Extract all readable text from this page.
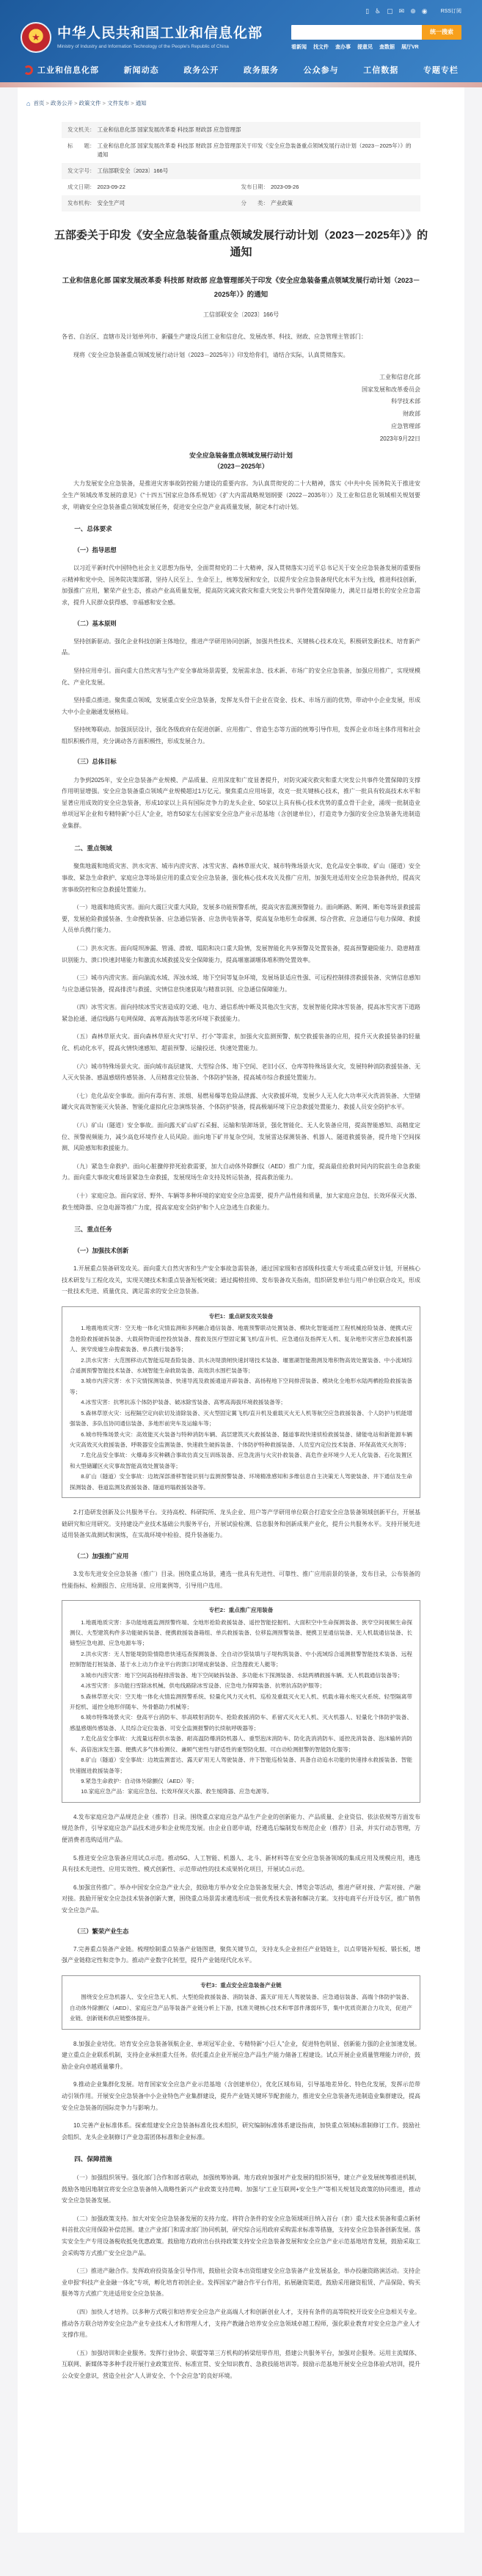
▯ ♿ ▢ ✉ ⊕ ◉	RSS订阅
★	中华人民共和国工业和信息化部
Ministry of Industry and Information Technology of the People's Republic of China
统一搜索
看新闻 找文件 查办事 提意见 查数据 展厅VR
工业和信息化部	新闻动态	政务公开	政务服务	公众参与	工信数据	专题专栏
⌂ 首页 > 政务公开 > 政策文件 > 文件发布 > 通知
发文机关： 工业和信息化部 国家发展改革委 科技部 财政部 应急管理部
标　　题： 工业和信息化部 国家发展改革委 科技部 财政部 应急管理部关于印发《安全应急装备重点领域发展行动计划（2023－2025年）》的通知
发文字号： 工信部联安全〔2023〕166号
成文日期： 2023-09-22	发布日期： 2023-09-26
发布机构： 安全生产司	分　　类： 产业政策
五部委关于印发《安全应急装备重点领域发展行动计划（2023－2025年）》的通知

工业和信息化部 国家发展改革委 科技部 财政部 应急管理部关于印发《安全应急装备重点领域发展行动计划（2023－2025年）》的通知

工信部联安全〔2023〕166号

各省、自治区、直辖市及计划单列市、新疆生产建设兵团工业和信息化、发展改革、科技、财政、应急管理主管部门：

现将《安全应急装备重点领域发展行动计划（2023－2025年）》印发给你们，请结合实际，认真贯彻落实。

工业和信息化部
国家发展和改革委员会
科学技术部
财政部
应急管理部
2023年9月22日

安全应急装备重点领域发展行动计划

（2023－2025年）

大力发展安全应急装备，是推进灾害事故防控能力建设的重要内容。为认真贯彻党的二十大精神，落实《中共中央 国务院关于推进安全生产领域改革发展的意见》《“十四五”国家应急体系规划》《扩大内需战略规划纲要（2022－2035年）》及工业和信息化领域相关规划要求，明确安全应急装备重点领域发展任务，促进安全应急产业高质量发展，制定本行动计划。

一、总体要求
（一）指导思想

以习近平新时代中国特色社会主义思想为指导，全面贯彻党的二十大精神，深入贯彻落实习近平总书记关于安全应急装备发展的重要指示精神和党中央、国务院决策部署，坚持人民至上、生命至上，统筹发展和安全，以提升安全应急装备现代化水平为主线，推进科技创新，加强推广应用，繁荣产业生态，推动产业高质量发展，提高防灾减灾救灾和重大突发公共事件处置保障能力，满足日益增长的安全应急需求，提升人民群众获得感、幸福感和安全感。

（二）基本原则

坚持创新驱动。强化企业科技创新主体地位，推进产学研用协同创新，加强共性技术、关键核心技术攻关，积极研发新技术、培育新产品。

坚持应用牵引。面向重大自然灾害与生产安全事故场景需要，发展需求急、技术新、市场广的安全应急装备，加强应用推广，实现规模化、产业化发展。

坚持重点推进。聚焦重点领域，发展重点安全应急装备，发挥龙头骨干企业在资金、技术、市场方面的优势，带动中小企业发展，形成大中小企业融通发展格局。

坚持统筹联动。加强顶层设计，强化各级政府在促进创新、应用推广、营造生态等方面的统筹引导作用，发挥企业市场主体作用和社会组织积极作用，充分调动各方面积极性，形成发展合力。

（三）总体目标

力争到2025年，安全应急装备产业规模、产品质量、应用深度和广度显著提升，对防灾减灾救灾和重大突发公共事件处置保障的支撑作用明显增强。安全应急装备重点领域产业规模超过1万亿元。聚焦重点应用场景，攻克一批关键核心技术，推广一批具有较高技术水平和显著应用成效的安全应急装备，形成10家以上具有国际竞争力的龙头企业、50家以上具有核心技术优势的重点骨干企业，涌现一批制造业单项冠军企业和专精特新“小巨人”企业，培育50家左右国家安全应急产业示范基地（含创建单位），打造竞争力强的安全应急装备先进制造业集群。

二、重点领域

聚焦地震和地质灾害、洪水灾害、城市内涝灾害、冰雪灾害、森林草原火灾、城市特殊场景火灾、危化品安全事故、矿山（隧道）安全事故、紧急生命救护、家庭应急等场景应用的重点安全应急装备，强化核心技术攻关及推广应用，加强先进适用安全应急装备供给，提高灾害事故防控和应急救援处置能力。

（一）地震和地质灾害。面向大震巨灾重大风险，发展多功能预警系统，提高灾害监测预警能力。面向断路、断网、断电等场景救援需要，发展抢险救援装备、生命搜救装备、应急通信装备、应急供电装备等，提高复杂地形生命探测、综合营救、应急通信与电力保障、救援人员单兵携行能力。

（二）洪水灾害。面向堤坝渗漏、管涌、滑坡、塌陷和决口重大险情，发展智能化共享预警及处置装备，提高预警避险能力、隐患精准识别能力、溃口快速封堵能力和激流水域救援及安全保障能力，提高堰塞湖堰体堆积物处置效率。

（三）城市内涝灾害。面向湍流水域、浑浊水域、地下空间等复杂环境，发展场景适应性强、可远程控制排涝救援装备、灾情信息感知与应急通信装备，提高排涝与救援、灾情信息快速获取与精准识别、应急通信保障能力。

（四）冰雪灾害。面向持续冰雪灾害造成的交通、电力、通信系统中断及其他次生灾害，发展智能化除冰雪装备，提高冰雪灾害下道路紧急抢通、通信线路与电网保障、高寒高海拔等恶劣环境下救援能力。

（五）森林草原火灾。面向森林草原火灾“打早、打小”等需求，加强火灾监测预警、航空救援装备的应用，提升灭火救援装备的轻量化、机动化水平，提高火情快速感知、超前预警、运输投送、快速处置能力。

（六）城市特殊场景火灾。面向城市高层建筑、大型综合体、地下空间、老旧小区、仓库等特殊场景火灾，发展特种消防救援装备、无人灭火装备、感温感烟传感装备、人员精准定位装备、个体防护装备，提高城市综合救援处置能力。

（七）危化品安全事故。面向有毒有害、浓烟、易燃易爆等危险品泄露、火灾救援环境，发展少人无人化大功率灭火洗消装备、大型储罐火灾高效智能灭火装备、智能化虚拟化应急演练装备、个体防护装备，提高极端环境下应急救援处置能力、救援人员安全防护水平。

（八）矿山（隧道）安全事故。面向露天矿山矿石采掘、运输和装卸场景，强化智能化、无人化装备应用，提高智能感知、高精度定位、预警视频能力，减少高危环境作业人员风险。面向地下矿井复杂空间，发展雷达探测装备、机器人、隧道救援装备，提升地下空间探测、风险感知和救援能力。

（九）紧急生命救护。面向心脏骤停猝死抢救需要，加大自动体外除颤仪（AED）推广力度，提高最佳抢救时间内的院前生命急救能力。面向重大事故灾难场景紧急生命救援，发展现场生命支持及转运装备，提高救治能力。

（十）家庭应急。面向家居、野外、车辆等多种环境的家庭安全应急需要，提升产品性能和质量，加大家庭应急包、长效环保灭火器、救生缓降器、应急电源等推广力度，提高家庭安全防护和个人应急逃生自救能力。

三、重点任务
（一）加强技术创新

1.开展重点装备研发攻关。面向重大自然灾害和生产安全事故急需装备，通过国家级和省部级科技重大专项或重点研发计划，开展核心技术研发与工程化攻关，实现关键技术和重点装备短板突破；通过揭榜挂帅、发布装备攻关指南，组织研发单位与用户单位联合攻关，形成一批技术先进、质量优良、满足需求的安全应急装备。

专栏1：重点研发攻关装备
1.地震地质灾害：空天地一体化灾情监测和多网融合通信装备、地震预警联动处置装备、模块化智能遥控工程机械抢险装备、便携式应急抢险救援破拆装备、大载荷物资遥控投放装备、搜救及医疗型固定翼飞机/直升机、应急通信及指挥无人机、复杂地形灾害应急救援机器人、狭窄废墟生命搜索装备、单兵携行装备等；
2.洪水灾害：大范围移动式智能巡堤查险装备、洪水决堤溃闸快速封堵技术装备、堰塞湖智能勘测及堆积物高效处置装备、中小流域综合遥测预警智能技术装备、水域智能生命救助装备、高效洪水围栏装备等；
3.城市内涝灾害：水下灾情探测装备、快速导流及救援通道开辟装备、高扬程地下空间排涝装备、模块化全地形水陆两栖抢险救援装备等；
4.冰雪灾害：抗寒抗冻个体防护装备、破冰除雪装备、高寒高海拔环境救援装备等；
5.森林草原火灾：远程隔空定向砍切及清除装备、灭火型固定翼飞机/直升机及重载灭火无人机等航空应急救援装备、个人防护与机能增强装备、多队伍协同通信装备、多地形前突车及运输车等；
6.城市特殊场景火灾：高效能灭火装备与特种消防车辆、高层建筑灭火救援装备、隧道事故快速侦检救援装备、储能电站和新能源车辆火灾高效灭火救援装备、呼吸器安全监测装备、快速救生破拆装备、个体防护特种救援装备、人员室内定位技术装备、环保高效灭火剂等；
7.危化品安全事故：火爆毒多灾种耦合事故仿真交互训练装备、应急洗消与火灾扑救装备、高危作业环境少人无人化装备、石化装置区和大型储罐区火灾事故智能高效处置装备等；
8.矿山（隧道）安全事故：边坡深部滑移智能识别与监测预警装备、环境精准感知和多维信息自主决策无人驾驶装备、井下通信及生命探测装备、巷道监测及救援装备、隧道坍塌救援装备等。

2.打造研发创新及公共服务平台。支持高校、科研院所、龙头企业、用户等产学研用单位联合打造安全应急装备领域创新平台，开展基础研究和应用研究。支持建设产业技术基础公共服务平台，开展试验检测、信息服务和创新成果产业化，提升公共服务水平。支持开展先进适用装备实战测试和演练，在实战环境中检验、提升装备能力。

（二）加强推广应用

3.发布先进安全应急装备（推广）目录。围绕重点场景，遴选一批具有先进性、可靠性、推广应用前景的装备，发布目录，公布装备的性能指标、检测报告、应用场景、应用案例等，引导用户选用。

专栏2：重点推广应用装备
1.地震地质灾害：多功能地震监测预警终端、全地形抢险救援装备、遥控智能挖掘机、大面积空中生命探测装备、狭窄空间视频生命探测仪、大型建筑构件多功能破拆装备、便携救援装备箱组、单兵救援装备、位移监测预警装备、便携卫星通信装备、无人机载通信装备、长储型应急电源、应急电源车等；
2.洪水灾害：无人智能堤防险情隐患快速巡查探测装备、全自动沙袋装填与子堤构筑装备、中小流域综合遥测报警智能技术装备、远程控制智能打桩装备、基于水上动力作业平台的溃口封堵成套装备、应急搜救无人艇等；
3.城市内涝灾害：地下空间高扬程排涝装备、地下空间破拆装备、多功能水下探测装备、水陆两栖救援车辆、无人机载通信装备等；
4.冰雪灾害：多功能扫雪除冰机械、供电线路除冰雪设备、应急电力保障装备、抗寒抗冻防护服等；
5.森林草原火灾：空天地一体化火情监测预警系统、轻量化风力灭火机、巡检及重载灭火无人机、机载水箱水炮灭火系统、轻型隔离带开挖机、遥控全地形伴随车、外骨骼助力机械等；
6.城市特殊场景火灾：登高平台消防车、举高喷射消防车、抢险救援消防车、系留式灭火无人机、灭火机器人、轻量化个体防护装备、感温感烟传感装备、人员综合定位装备、可安全监测报警的长续航呼吸器等；
7.危化品安全事故：大流量远程供水装备、耐高温防爆消防机器人、重型泡沫消防车、防化洗消消防车、遥控洗消装备、泡沫输转消防车、高倍泡沫发生器、便携式多气体检测仪、兼顾气密性与舒适性的重型防化服、可自动检测报警的智能防化服等；
8.矿山（隧道）安全事故：边坡监测雷达、露天矿用无人驾驶装备、井下智能巡检装备、具备自动追水功能的快速排水救援装备、智能快速掘进救援装备等；
9.紧急生命救护：自动体外除颤仪（AED）等；
10.家庭应急产品：家庭应急包、长效环保灭火器、救生缓降器、应急电源等。

4.发布家庭应急产品规范企业（推荐）目录。围绕重点家庭应急产品生产企业的创新能力、产品质量、企业资信、依法依规等方面发布规范条件，引导家庭应急产品技术进步和企业规范发展。由企业自愿申请，经遴选后编制发布规范企业（推荐）目录，并实行动态管理，方便消费者选购适用产品。

5.推进安全应急装备应用试点示范。推动5G、人工智能、机器人、北斗、新材料等在安全应急装备领域的集成应用及规模应用，遴选具有技术先进性、应用实效性、模式创新性、示范带动性的技术成果转化项目，开展试点示范。

6.加强宣传推广。举办中国安全应急产业大会，鼓励地方举办安全应急装备发展大会、博览会等活动，推进产研对接、产需对接、产融对接。鼓励开展安全应急技术装备创新大赛，围绕重点场景需求遴选形成一批优秀技术装备和解决方案。支持电商平台开设专区，推广销售安全应急产品。

（三）繁荣产业生态

7.完善重点装备产业链。梳理绘制重点装备产业链图谱，聚焦关键节点，支持龙头企业担任产业链链主，以点带链补短板、锻长板，增强产业链稳定性和竞争力。推动产业数字化转型，提升产业链现代化水平。

专栏3：重点安全应急装备产业链
围绕安全应急机器人、安全应急无人机、大型抢险救援装备、消防装备、露天矿用无人驾驶装备、应急通信装备、高端个体防护装备、自动体外除颤仪（AED）、家庭应急产品等装备产业链分析上下游，找准关键核心技术和零部件薄弱环节，集中优质资源合力攻关，促进产业链、创新链和供应链整体提升。

8.加强企业培优。培育安全应急装备领航企业、单项冠军企业、专精特新“小巨人”企业，促进特色明显、创新能力强的企业加速发展。建立重点企业联系机制，支持企业承担重大任务。依托重点企业开展应急产品生产能力储备工程建设。试点开展企业质量管理能力评价，鼓励企业向卓越质量攀升。

9.推动企业集群化发展。培育国家安全应急产业示范基地（含创建单位），优化区域布局，引导基地差异化、特色化发展，发挥示范带动引领作用。开展安全应急装备中小企业特色产业集群建设，提升产业链关键环节配套能力，推进安全应急装备先进制造业集群建设，提高安全应急装备的国际竞争力与影响力。

10.完善产业标准体系。探索组建安全应急装备标准化技术组织，研究编制标准体系建设指南，加快重点领域标准制修订工作。鼓励社会组织、龙头企业制修订产业急需团体标准和企业标准。

四、保障措施

（一）加强组织领导。强化部门合作和部省联动，加强统筹协调。地方政府加强对产业发展的组织领导，建立产业发展统筹推进机制，鼓励各地因地制宜将安全应急装备纳入战略性新兴产业政策支持范畴。加强与“工业互联网+安全生产”等相关规划及政策的协同推进，推动安全应急装备发展。

（二）加强政策支持。加大对安全应急装备发展的支持力度。将符合条件的安全应急领域项目纳入首台（套）重大技术装备和重点新材料首批次应用保险补偿范围。建立产业部门和需求部门协同机制，研究综合运用政府采购需求标准等措施，支持安全应急装备创新发展。落实安全生产专用设备税收抵免优惠政策。鼓励地方政府出台扶持政策支持安全应急装备发展和安全应急产业示范基地培育发展，鼓励采取工会采购等方式推广安全应急产品。

（三）推进产融合作。发挥政府投资基金引导作用，鼓励社会资本出资组建安全应急装备产业发展基金，举办投融资路演活动。支持企业申报“科技产业金融一体化”专项，孵化培育初创企业。发挥国家产融合作平台作用，拓展融资渠道，鼓励采用融资租赁、产品保险、购买服务等方式推广先进适用安全应急装备。

（四）加快人才培养。以多种方式吸引和培养安全应急产业高端人才和创新创业人才，支持有条件的高等院校开设安全应急相关专业。推动各方联合培养安全应急产业专业技术人才和管理人才，支持产教融合培养安全应急领域卓越工程师，强化职业教育对安全应急产业人才支撑作用。

（五）加强培训和企业服务。发挥行业协会、联盟等第三方机构的桥梁纽带作用，搭建公共服务平台，加强对企服务。运用主流媒体、互联网、新媒体等多种手段开展行业政策宣传、标准宣贯、安全知识教育、急救技能培训等。鼓励示范基地开展安全应急体验式培训，提升公众安全意识，营造全社会“人人讲安全、个个会应急”的良好环境。
